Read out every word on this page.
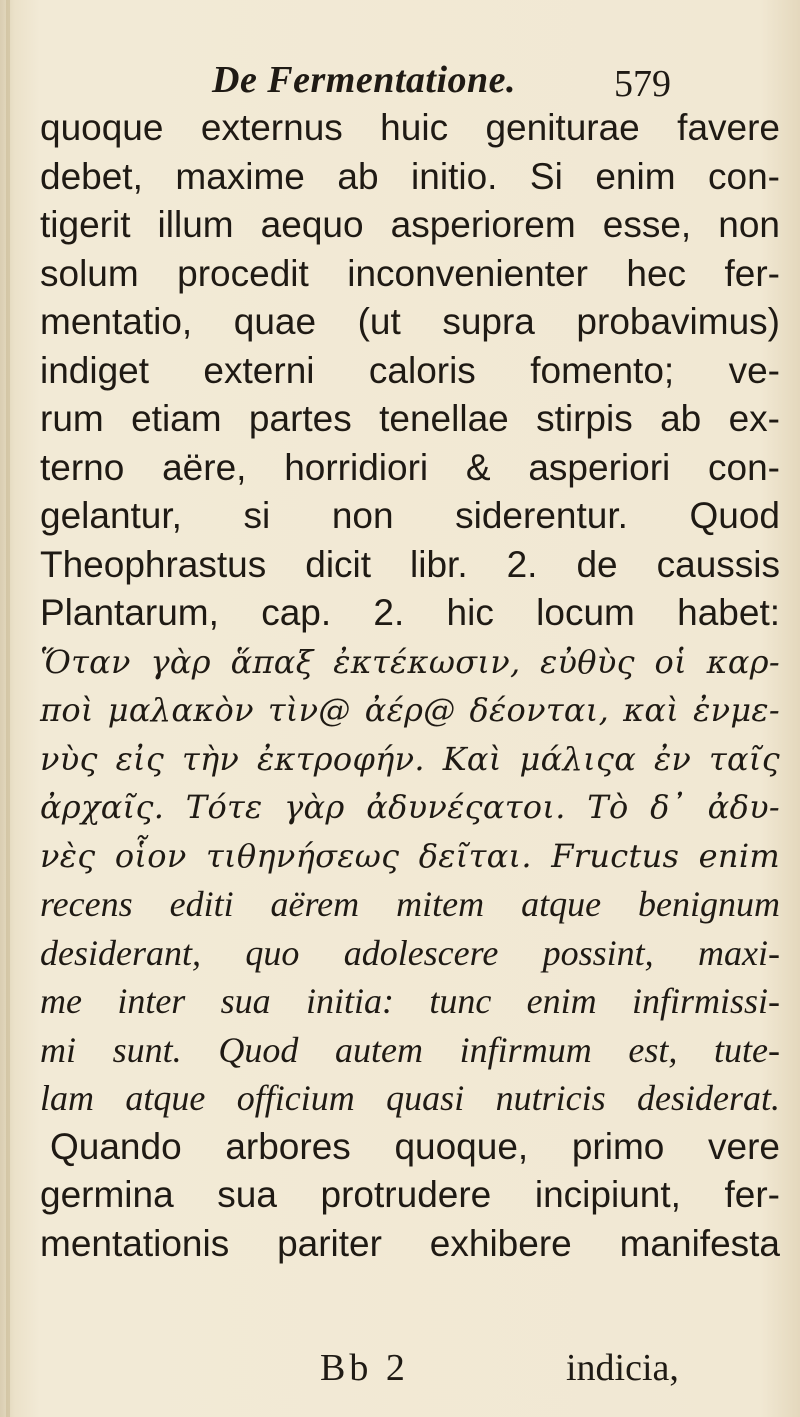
De Fermentatione.	579
quoque externus huic geniturae favere
debet, maxime ab initio. Si enim con-
tigerit illum aequo asperiorem esse, non
solum procedit inconvenienter hec fer-
mentatio, quae (ut supra probavimus)
indiget externi caloris fomento; ve-
rum etiam partes tenellae stirpis ab ex-
terno aëre, horridiori & asperiori con-
gelantur, si non siderentur. Quod
Theophrastus dicit libr. 2. de caussis
Plantarum, cap. 2. hic locum habet:
Ὅταν γὰρ ἅπαξ ἐκτέκωσιν, εὐθὺς οἱ καρ-
ποὶ μαλακὸν τὶν@ ἀέρ@ δέονται, καὶ ἐνμε-
νὺς εἰς τὴν ἐκτροφήν. Καὶ μάλιςα ἐν ταῖς
ἀρχαῖς. Τότε γὰρ ἀδυνέςατοι. Τὸ δ᾽ ἀδυ-
νὲς οἷον τιθηνήσεως δεῖται. Fructus enim
recens editi aërem mitem atque benignum
desiderant, quo adolescere possint, maxi-
me inter sua initia: tunc enim infirmissi-
mi sunt. Quod autem infirmum est, tute-
lam atque officium quasi nutricis desiderat.
Quando arbores quoque, primo vere
germina sua protrudere incipiunt, fer-
mentationis pariter exhibere manifesta
Bb 2	indicia,
